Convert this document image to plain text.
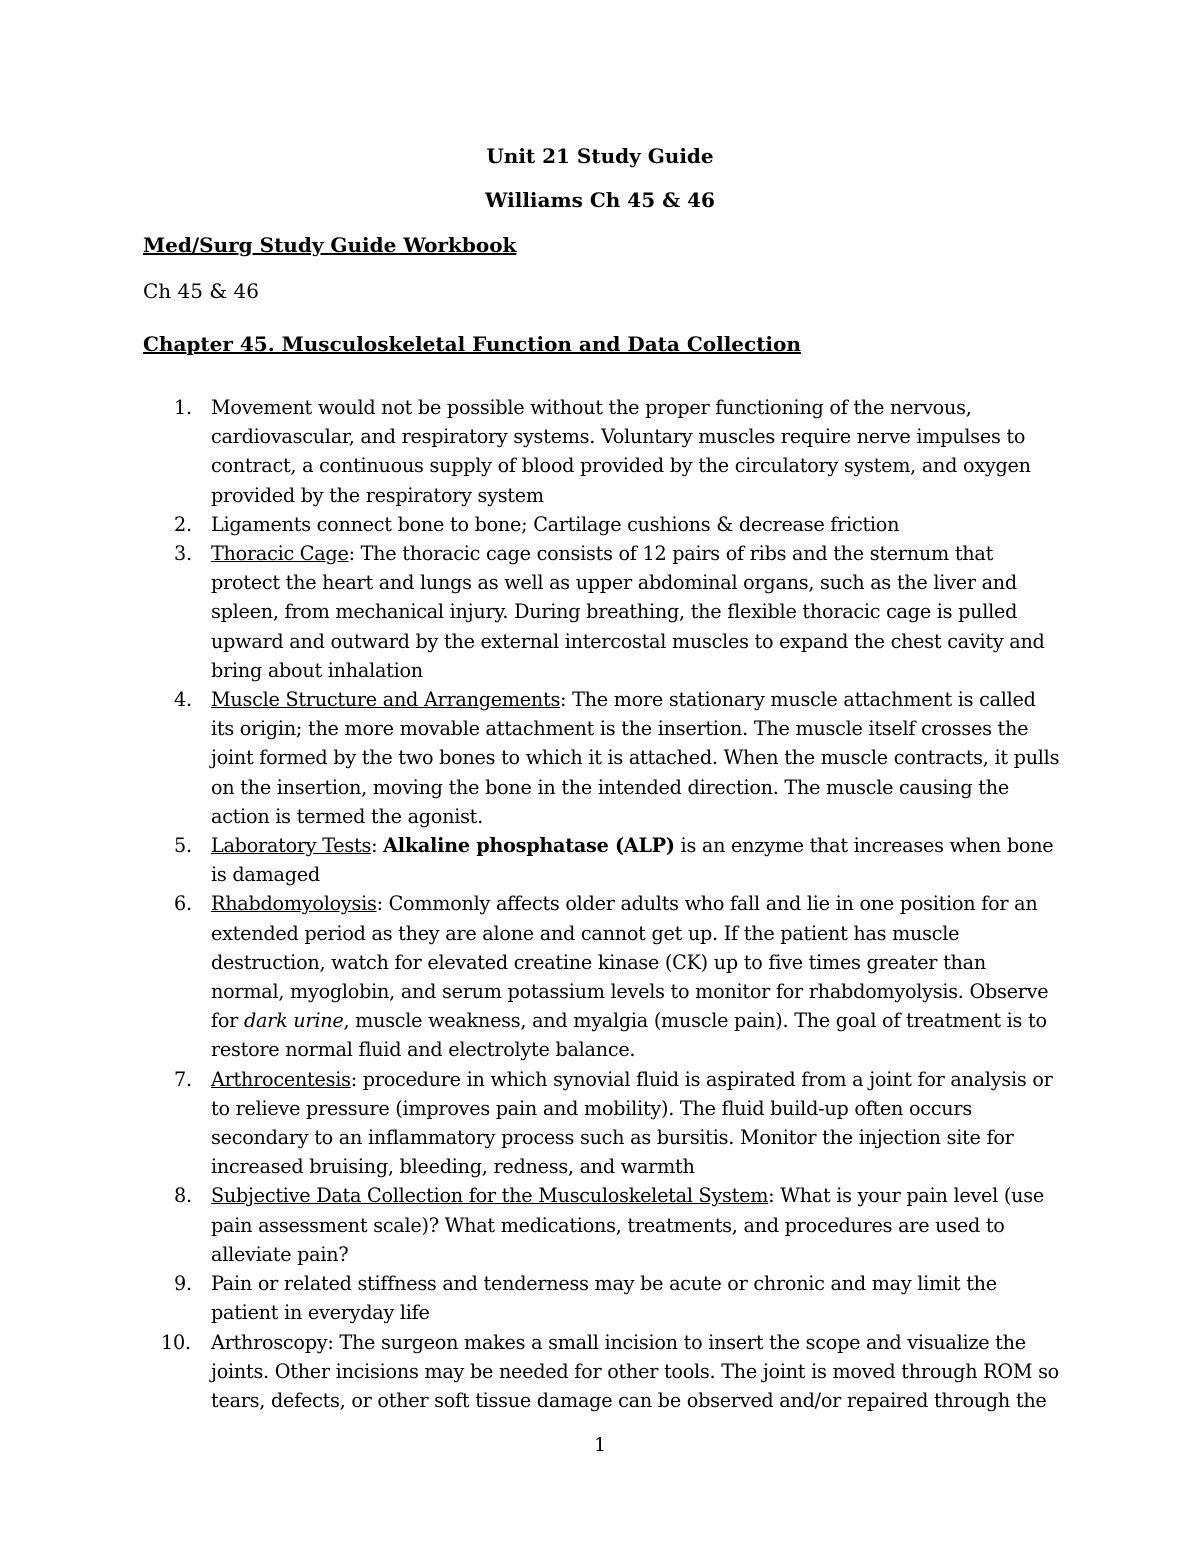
Unit 21 Study Guide
Williams Ch 45 & 46
Med/Surg Study Guide Workbook
Ch 45 & 46
Chapter 45. Musculoskeletal Function and Data Collection
1. Movement would not be possible without the proper functioning of the nervous, cardiovascular, and respiratory systems. Voluntary muscles require nerve impulses to contract, a continuous supply of blood provided by the circulatory system, and oxygen provided by the respiratory system
2. Ligaments connect bone to bone; Cartilage cushions & decrease friction
3. Thoracic Cage: The thoracic cage consists of 12 pairs of ribs and the sternum that protect the heart and lungs as well as upper abdominal organs, such as the liver and spleen, from mechanical injury. During breathing, the flexible thoracic cage is pulled upward and outward by the external intercostal muscles to expand the chest cavity and bring about inhalation
4. Muscle Structure and Arrangements: The more stationary muscle attachment is called its origin; the more movable attachment is the insertion. The muscle itself crosses the joint formed by the two bones to which it is attached. When the muscle contracts, it pulls on the insertion, moving the bone in the intended direction. The muscle causing the action is termed the agonist.
5. Laboratory Tests: Alkaline phosphatase (ALP) is an enzyme that increases when bone is damaged
6. Rhabdomyoloysis: Commonly affects older adults who fall and lie in one position for an extended period as they are alone and cannot get up. If the patient has muscle destruction, watch for elevated creatine kinase (CK) up to five times greater than normal, myoglobin, and serum potassium levels to monitor for rhabdomyolysis. Observe for dark urine, muscle weakness, and myalgia (muscle pain). The goal of treatment is to restore normal fluid and electrolyte balance.
7. Arthrocentesis: procedure in which synovial fluid is aspirated from a joint for analysis or to relieve pressure (improves pain and mobility). The fluid build-up often occurs secondary to an inflammatory process such as bursitis. Monitor the injection site for increased bruising, bleeding, redness, and warmth
8. Subjective Data Collection for the Musculoskeletal System: What is your pain level (use pain assessment scale)? What medications, treatments, and procedures are used to alleviate pain?
9. Pain or related stiffness and tenderness may be acute or chronic and may limit the patient in everyday life
10. Arthroscopy: The surgeon makes a small incision to insert the scope and visualize the joints. Other incisions may be needed for other tools. The joint is moved through ROM so tears, defects, or other soft tissue damage can be observed and/or repaired through the
1
